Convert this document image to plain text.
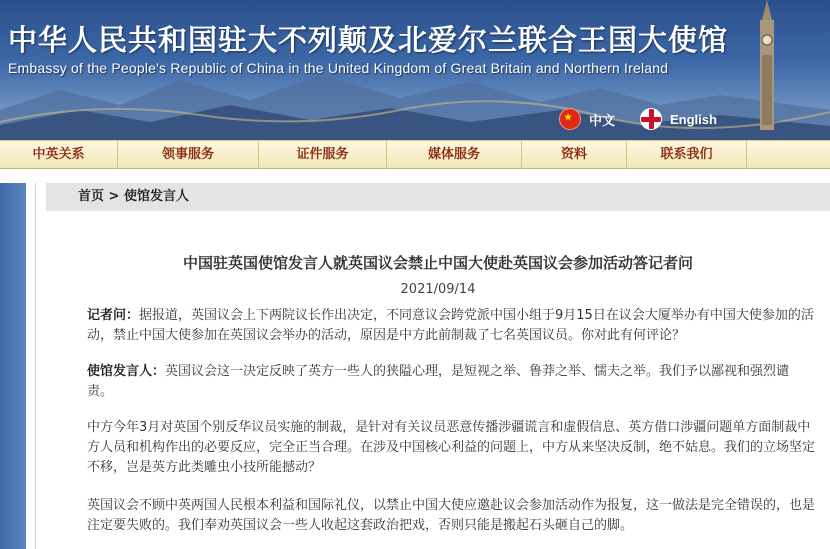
中华人民共和国驻大不列颠及北爱尔兰联合王国大使馆
Embassy of the People's Republic of China in the United Kingdom of Great Britain and Northern Ireland
★
中文	English
中英关系	领事服务	证件服务	媒体服务	资料	联系我们
首页 > 使馆发言人
中国驻英国使馆发言人就英国议会禁止中国大使赴英国议会参加活动答记者问
2021/09/14
记者问：据报道，英国议会上下两院议长作出决定，不同意议会跨党派中国小组于9月15日在议会大厦举办有中国大使参加的活动，禁止中国大使参加在英国议会举办的活动，原因是中方此前制裁了七名英国议员。你对此有何评论？
使馆发言人：英国议会这一决定反映了英方一些人的狭隘心理，是短视之举、鲁莽之举、懦夫之举。我们予以鄙视和强烈谴责。
中方今年3月对英国个别反华议员实施的制裁，是针对有关议员恶意传播涉疆谎言和虚假信息、英方借口涉疆问题单方面制裁中方人员和机构作出的必要反应，完全正当合理。在涉及中国核心利益的问题上，中方从来坚决反制，绝不姑息。我们的立场坚定不移，岂是英方此类雕虫小技所能撼动？
英国议会不顾中英两国人民根本利益和国际礼仪，以禁止中国大使应邀赴议会参加活动作为报复，这一做法是完全错误的，也是注定要失败的。我们奉劝英国议会一些人收起这套政治把戏，否则只能是搬起石头砸自己的脚。
